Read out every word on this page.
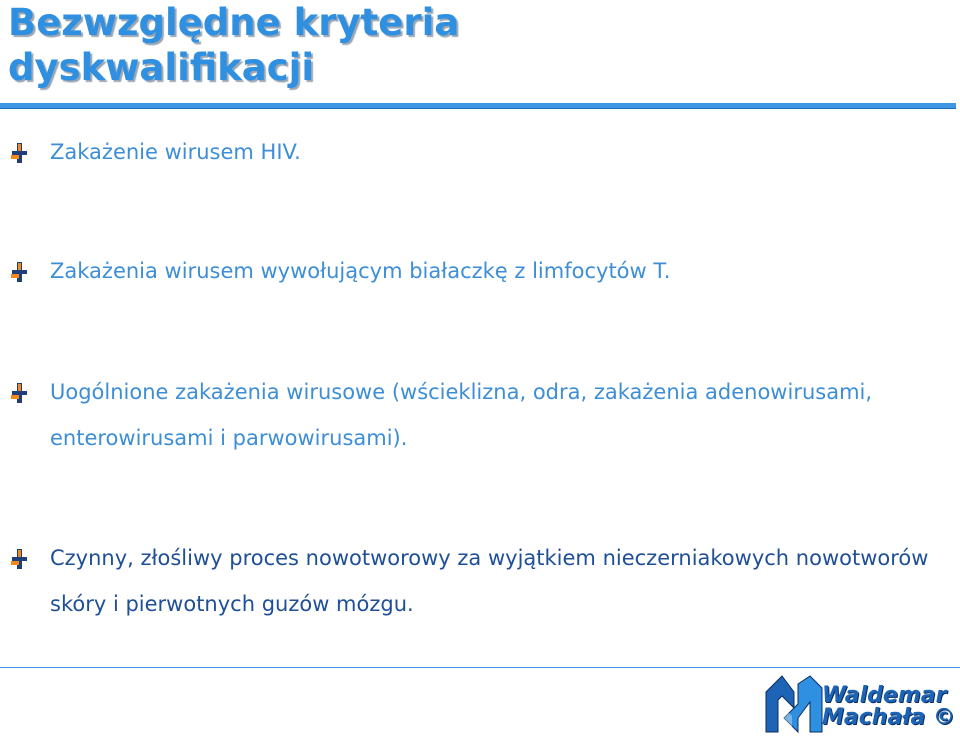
Bezwzględne kryteria
dyskwalifikacji
Zakażenie wirusem HIV.
Zakażenia wirusem wywołującym białaczkę z limfocytów T.
Uogólnione zakażenia wirusowe (wścieklizna, odra, zakażenia adenowirusami, enterowirusami i parwowirusami).
Czynny, złośliwy proces nowotworowy za wyjątkiem nieczerniakowych nowotworów skóry i pierwotnych guzów mózgu.
Waldemar
Machała ©
